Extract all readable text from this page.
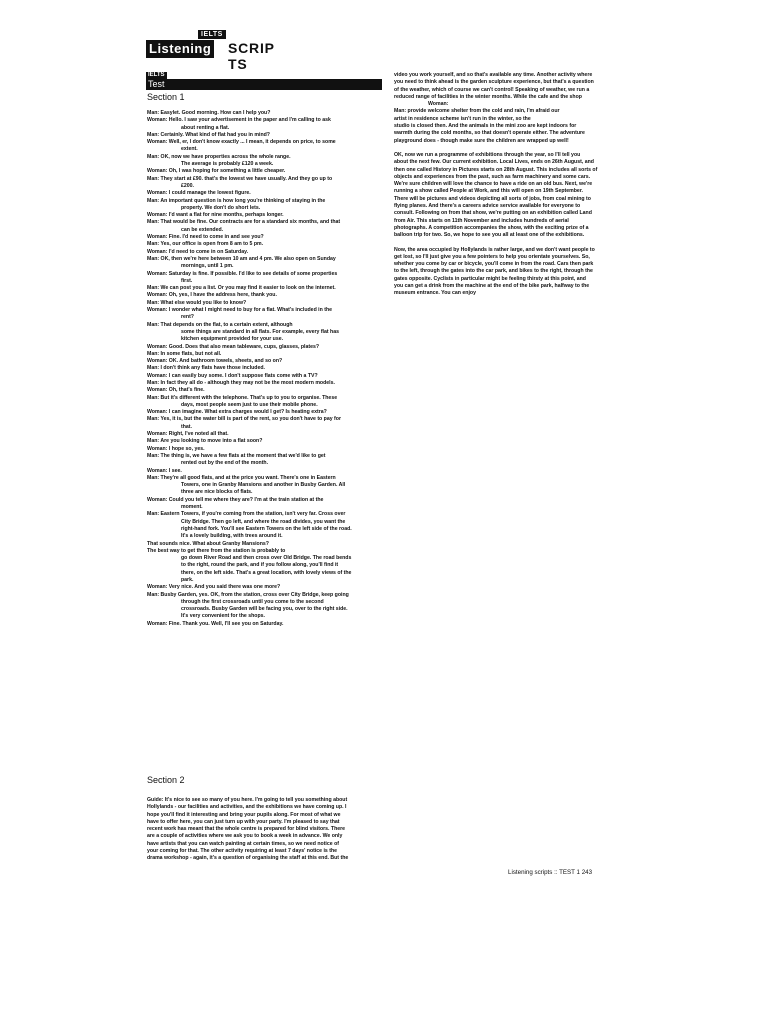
IELTS
Listening SCRIP TS
IELTS
Test
Section 1
Man: Easylet. Good morning. How can I help you?
Woman: Hello. I saw your advertisement in the paper and I'm calling to ask
about renting a flat.
Man: Certainly. What kind of flat had you in mind?
Woman: Well, er, I don't know exactly ... I mean, it depends on price, to some
extent.
Man: OK, now we have properties across the whole range.
The average is probably £120 a week.
Woman: Oh, I was hoping for something a little cheaper.
Man: They start at £90. that's the lowest we have usually. And they go up to
£200.
Woman: I could manage the lowest figure.
Man: An important question is how long you're thinking of staying in the
property. We don't do short lets.
Woman: I'd want a flat for nine months, perhaps longer.
Man: That would be fine. Our contracts are for a standard six months, and that
can be extended.
Woman: Fine. I'd need to come in and see you?
Man: Yes, our office is open from 8 am to 5 pm.
Woman: I'd need to come in on Saturday.
Man: OK, then we're here between 10 am and 4 pm. We also open on Sunday
mornings, until 1 pm.
Woman: Saturday is fine. If possible. I'd like to see details of some properties
first.
Man: We can post you a list. Or you may find it easier to look on the internet.
Woman: Oh, yes, I have the address here, thank you.
Man: What else would you like to know?
Woman: I wonder what I might need to buy for a flat. What's included in the
rent?
Man: That depends on the flat, to a certain extent, although
some things are standard in all flats. For example, every flat has
kitchen equipment provided for your use.
Woman: Good. Does that also mean tableware, cups, glasses, plates?
Man: In some flats, but not all.
Woman: OK. And bathroom towels, sheets, and so on?
Man: I don't think any flats have those included.
Woman: I can easily buy some. I don't suppose flats come with a TV?
Man: In fact they all do - although they may not be the most modern models.
Woman: Oh, that's fine.
Man: But it's different with the telephone. That's up to you to organise. These
days, most people seem just to use their mobile phone.
Woman: I can imagine. What extra charges would I get? Is heating extra?
Man: Yes, it is, but the water bill is part of the rent, so you don't have to pay for
that.
Woman: Right, I've noted all that.
Man: Are you looking to move into a flat soon?
Woman: I hope so, yes.
Man: The thing is, we have a few flats at the moment that we'd like to get
rented out by the end of the month.
Woman: I see.
Man: They're all good flats, and at the price you want. There's one in Eastern
Towers, one in Granby Mansions and another in Busby Garden. All
three are nice blocks of flats.
Woman: Could you tell me where they are? I'm at the train station at the
moment.
Man: Eastern Towers, if you're coming from the station, isn't very far. Cross over
City Bridge. Then go left, and where the road divides, you want the
right-hand fork. You'll see Eastern Towers on the left side of the road.
It's a lovely building, with trees around it.
That sounds nice. What about Granby Mansions?
The best way to get there from the station is probably to
go down River Road and then cross over Old Bridge. The road bends
to the right, round the park, and if you follow along, you'll find it
there, on the left side. That's a great location, with lovely views of the
park.
Woman: Very nice. And you said there was one more?
Man: Busby Garden, yes. OK, from the station, cross over City Bridge, keep going
through the first crossroads until you come to the second
crossroads. Busby Garden will be facing you, over to the right side.
It's very convenient for the shops.
Woman: Fine. Thank you. Well, I'll see you on Saturday.
Section 2
Guide: It's nice to see so many of you here. I'm going to tell you something about
Hollylands - our facilities and activities, and the exhibitions we have coming up. I
hope you'll find it interesting and bring your pupils along. For most of what we
have to offer here, you can just turn up with your party. I'm pleased to say that
recent work has meant that the whole centre is prepared for blind visitors. There
are a couple of activities where we ask you to book a week in advance. We only
have artists that you can watch painting at certain times, so we need notice of
your coming for that. The other activity requiring at least 7 days' notice is the
drama workshop - again, it's a question of organising the staff at this end. But the
video you work yourself, and so that's available any time. Another activity where
you need to think ahead is the garden sculpture experience, but that's a question
of the weather, which of course we can't control! Speaking of weather, we run a
reduced range of facilities in the winter months. While the cafe and the shop
Woman:
Man: provide welcome shelter from the cold and rain, I'm afraid our
artist in residence scheme isn't run in the winter, so the
studio is closed then. And the animals in the mini zoo are kept indoors for
warmth during the cold months, so that doesn't operate either. The adventure
playground does - though make sure the children are wrapped up well!
OK, now we run a programme of exhibitions through the year, so I'll tell you
about the next few. Our current exhibition. Local Lives, ends on 26th August, and
then one called History in Pictures starts on 28th August. This includes all sorts of
objects and experiences from the past, such as farm machinery and some cars.
We're sure children will love the chance to have a ride on an old bus. Next, we're
running a show called People at Work, and this will open on 19th September.
There will be pictures and videos depicting all sorts of jobs, from coal mining to
flying planes. And there's a careers advice service available for everyone to
consult. Following on from that show, we're putting on an exhibition called Land
from Air. This starts on 11th November and includes hundreds of aerial
photographs. A competition accompanies the show, with the exciting prize of a
balloon trip for two. So, we hope to see you all at least one of the exhibitions.
Now, the area occupied by Hollylands is rather large, and we don't want people to
get lost, so I'll just give you a few pointers to help you orientate yourselves. So,
whether you come by car or bicycle, you'll come in from the road. Cars then park
to the left, through the gates into the car park, and bikes to the right, through the
gates opposite. Cyclists in particular might be feeling thirsty at this point, and
you can get a drink from the machine at the end of the bike park, halfway to the
museum entrance. You can enjoy
Listening scripts :: TEST 1 243
